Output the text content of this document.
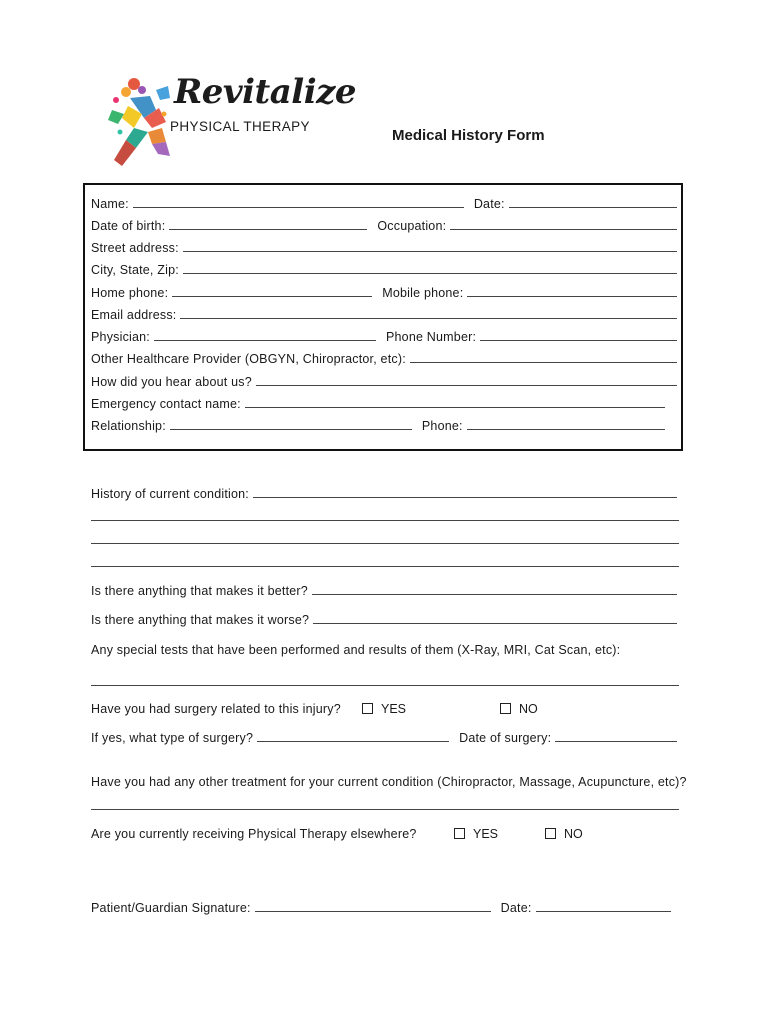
Revitalize
PHYSICAL THERAPY
Medical History Form
Name:	Date:
Date of birth:	Occupation:
Street address:
City, State, Zip:
Home phone:	Mobile phone:
Email address:
Physician:	Phone Number:
Other Healthcare Provider (OBGYN, Chiropractor, etc):
How did you hear about us?
Emergency contact name:
Relationship:	Phone:
History of current condition:
Is there anything that makes it better?
Is there anything that makes it worse?
Any special tests that have been performed and results of them (X-Ray, MRI, Cat Scan, etc):
Have you had surgery related to this injury?	YES	NO
If yes, what type of surgery?	Date of surgery:
Have you had any other treatment for your current condition (Chiropractor, Massage, Acupuncture, etc)?
Are you currently receiving Physical Therapy elsewhere?	YES	NO
Patient/Guardian Signature:	Date:
